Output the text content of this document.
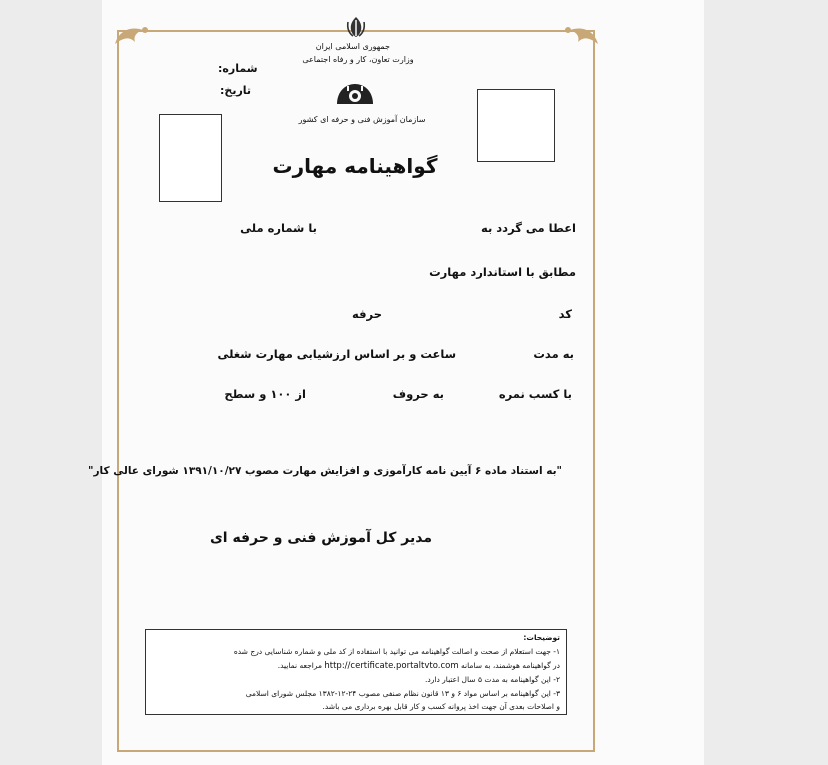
جمهوری اسلامی ایران
وزارت تعاون، کار و رفاه اجتماعی
شماره:
تاریخ:
سازمان آموزش فنی و حرفه ای کشور
گواهینامه مهارت
اعطا می گردد به
با شماره ملی
مطابق با استاندارد مهارت
کد
حرفه
به مدت
ساعت و بر اساس ارزشیابی مهارت شغلی
با کسب نمره
به حروف
از ۱۰۰ و سطح
"به استناد ماده ۶ آیین نامه کارآموزی و افزایش مهارت مصوب ۱۳۹۱/۱۰/۲۷ شورای عالی کار"
مدیر کل آموزش فنی و حرفه ای
توضیحات:
۱- جهت استعلام از صحت و اصالت گواهینامه می توانید با استفاده از کد ملی و شماره شناسایی درج شده
در گواهینامه هوشمند، به سامانه http://certificate.portaltvto.com مراجعه نمایید.
۲- این گواهینامه به مدت ۵ سال اعتبار دارد.
۳- این گواهینامه بر اساس مواد ۶ و ۱۳ قانون نظام صنفی مصوب ۲۴-۱۲-۱۳۸۲ مجلس شورای اسلامی
و اصلاحات بعدی آن جهت اخذ پروانه کسب و کار قابل بهره برداری می باشد.
